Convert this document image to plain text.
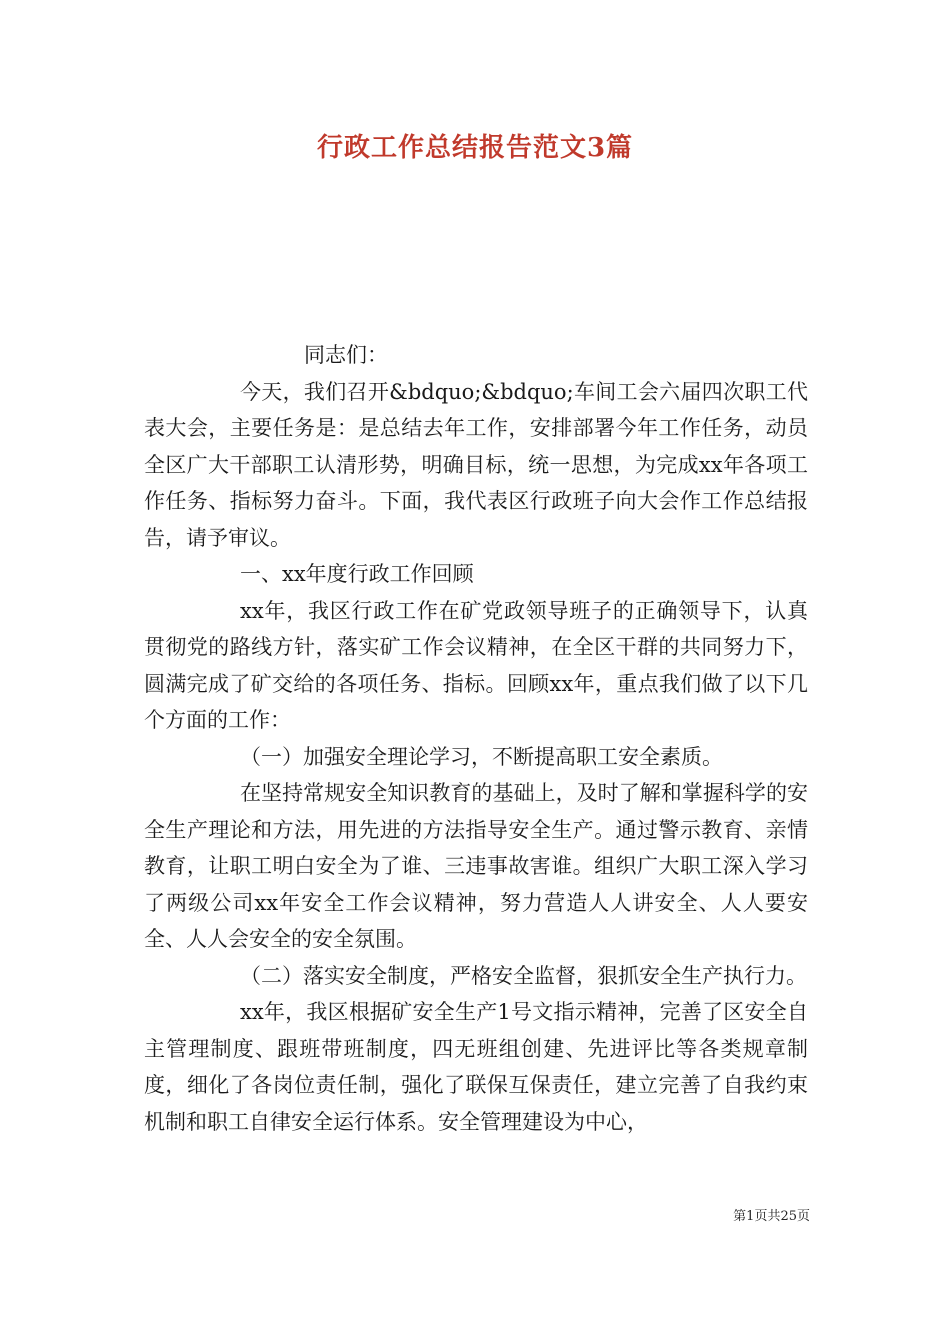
行政工作总结报告范文3篇

同志们：

今天，我们召开&bdquo;&bdquo;车间工会六届四次职工代表大会，主要任务是：是总结去年工作，安排部署今年工作任务，动员全区广大干部职工认清形势，明确目标，统一思想，为完成xx年各项工作任务、指标努力奋斗。下面，我代表区行政班子向大会作工作总结报告，请予审议。

一、xx年度行政工作回顾

xx年，我区行政工作在矿党政领导班子的正确领导下，认真贯彻党的路线方针，落实矿工作会议精神，在全区干群的共同努力下，圆满完成了矿交给的各项任务、指标。回顾xx年，重点我们做了以下几个方面的工作：

（一）加强安全理论学习，不断提高职工安全素质。

在坚持常规安全知识教育的基础上，及时了解和掌握科学的安全生产理论和方法，用先进的方法指导安全生产。通过警示教育、亲情教育，让职工明白安全为了谁、三违事故害谁。组织广大职工深入学习了两级公司xx年安全工作会议精神，努力营造人人讲安全、人人要安全、人人会安全的安全氛围。

（二）落实安全制度，严格安全监督，狠抓安全生产执行力。

xx年，我区根据矿安全生产1号文指示精神，完善了区安全自主管理制度、跟班带班制度，四无班组创建、先进评比等各类规章制度，细化了各岗位责任制，强化了联保互保责任，建立完善了自我约束机制和职工自律安全运行体系。安全管理建设为中心，

第1页共25页
